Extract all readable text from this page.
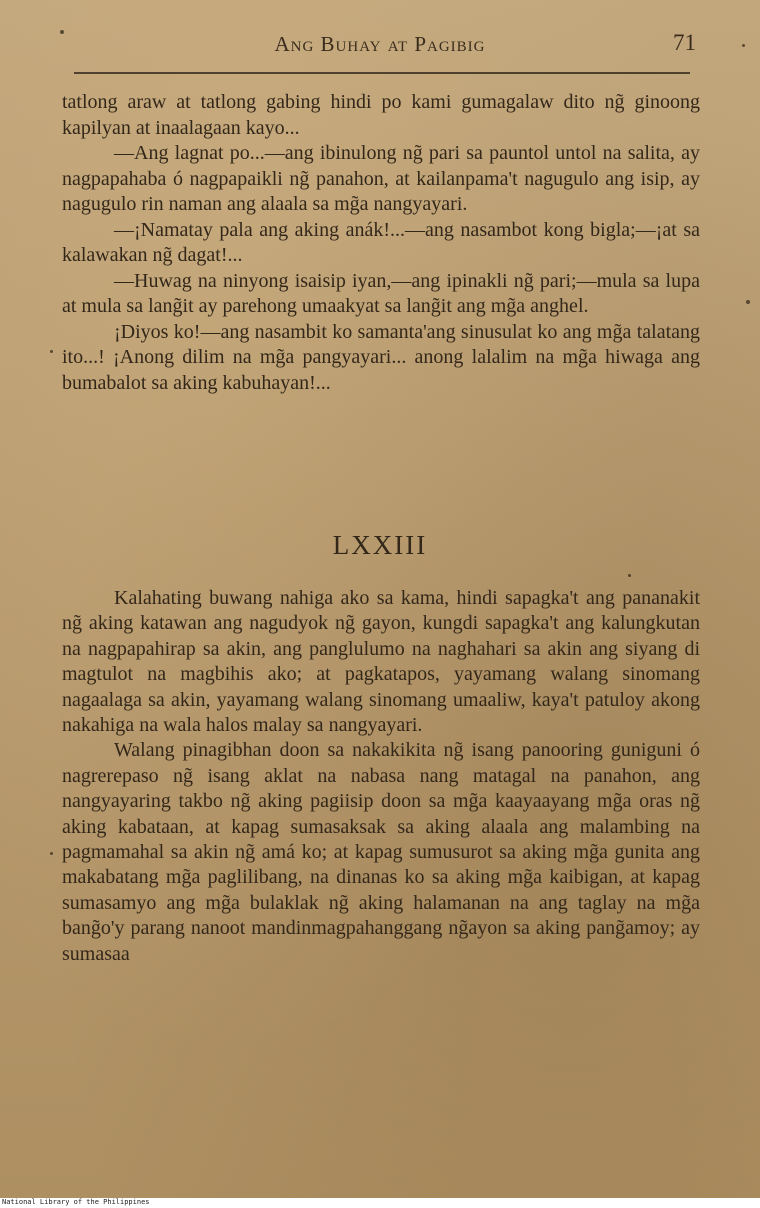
Ang Buhay at Pagibig	71

tatlong araw at tatlong gabing hindi po kami gumagalaw dito ng̃ ginoong kapilyan at inaalagaan kayo...

—Ang lagnat po...—ang ibinulong ng̃ pari sa pauntol untol na salita, ay nagpapahaba ó nagpapaikli ng̃ panahon, at kailanpama't nagugulo ang isip, ay nagugulo rin naman ang alaala sa mg̃a nangyayari.

—¡Namatay pala ang aking anák!...—ang nasambot kong bigla;—¡at sa kalawakan ng̃ dagat!...

—Huwag na ninyong isaisip iyan,—ang ipinakli ng̃ pari;—mula sa lupa at mula sa lang̃it ay parehong umaakyat sa lang̃it ang mg̃a anghel.

¡Diyos ko!—ang nasambit ko samanta'ang sinusulat ko ang mg̃a talatang ito...! ¡Anong dilim na mg̃a pangyayari... anong lalalim na mg̃a hiwaga ang bumabalot sa aking kabuhayan!...

LXXIII

Kalahating buwang nahiga ako sa kama, hindi sapagka't ang pananakit ng̃ aking katawan ang nagudyok ng̃ gayon, kungdi sapagka't ang kalungkutan na nagpapahirap sa akin, ang panglulumo na naghahari sa akin ang siyang di magtulot na magbihis ako; at pagkatapos, yayamang walang sinomang nagaalaga sa akin, yayamang walang sinomang umaaliw, kaya't patuloy akong nakahiga na wala halos malay sa nangyayari.

Walang pinagibhan doon sa nakakikita ng̃ isang panooring guniguni ó nagrerepaso ng̃ isang aklat na nabasa nang matagal na panahon, ang nangyayaring takbo ng̃ aking pagiisip doon sa mg̃a kaayaayang mg̃a oras ng̃ aking kabataan, at kapag sumasaksak sa aking alaala ang malambing na pagmamahal sa akin ng̃ amá ko; at kapag sumusurot sa aking mg̃a gunita ang makabatang mg̃a paglilibang, na dinanas ko sa aking mg̃a kaibigan, at kapag sumasamyo ang mg̃a bulaklak ng̃ aking halamanan na ang taglay na mg̃a bang̃o'y parang nanoot mandinmagpahanggang ng̃ayon sa aking pang̃amoy; ay sumasaa

National Library of the Philippines
